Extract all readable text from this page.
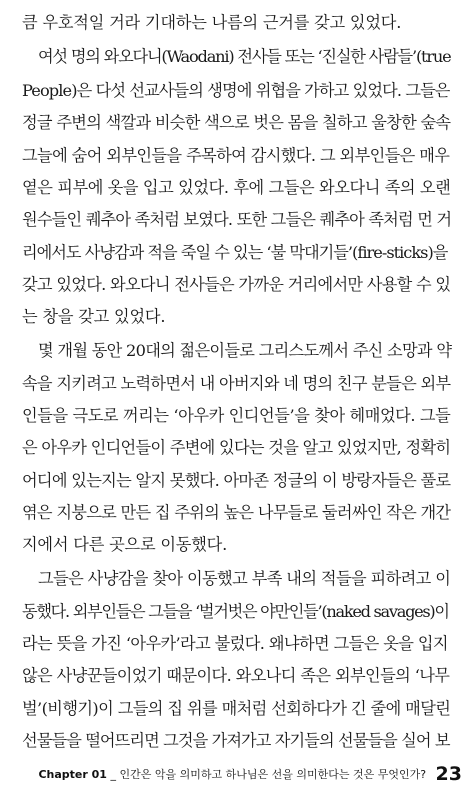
큼 우호적일 거라 기대하는 나름의 근거를 갖고 있었다.
여섯 명의 와오다니(Waodani) 전사들 또는 ‘진실한 사람들’(true
People)은 다섯 선교사들의 생명에 위협을 가하고 있었다. 그들은
정글 주변의 색깔과 비슷한 색으로 벗은 몸을 칠하고 울창한 숲속
그늘에 숨어 외부인들을 주목하여 감시했다. 그 외부인들은 매우
옅은 피부에 옷을 입고 있었다. 후에 그들은 와오다니 족의 오랜
원수들인 퀘추아 족처럼 보였다. 또한 그들은 퀘추아 족처럼 먼 거
리에서도 사냥감과 적을 죽일 수 있는 ‘불 막대기들’(fire-sticks)을
갖고 있었다. 와오다니 전사들은 가까운 거리에서만 사용할 수 있
는 창을 갖고 있었다.
몇 개월 동안 20대의 젊은이들로 그리스도께서 주신 소망과 약
속을 지키려고 노력하면서 내 아버지와 네 명의 친구 분들은 외부
인들을 극도로 꺼리는 ‘아우카 인디언들’을 찾아 헤매었다. 그들
은 아우카 인디언들이 주변에 있다는 것을 알고 있었지만, 정확히
어디에 있는지는 알지 못했다. 아마존 정글의 이 방랑자들은 풀로
엮은 지붕으로 만든 집 주위의 높은 나무들로 둘러싸인 작은 개간
지에서 다른 곳으로 이동했다.
그들은 사냥감을 찾아 이동했고 부족 내의 적들을 피하려고 이
동했다. 외부인들은 그들을 ‘벌거벗은 야만인들’(naked savages)이
라는 뜻을 가진 ‘아우카’라고 불렀다. 왜냐하면 그들은 옷을 입지
않은 사냥꾼들이었기 때문이다. 와오나디 족은 외부인들의 ‘나무
벌’(비행기)이 그들의 집 위를 매처럼 선회하다가 긴 줄에 매달린
선물들을 떨어뜨리면 그것을 가져가고 자기들의 선물들을 실어 보
Chapter 01 _ 인간은 악을 의미하고 하나님은 선을 의미한다는 것은 무엇인가? 23
